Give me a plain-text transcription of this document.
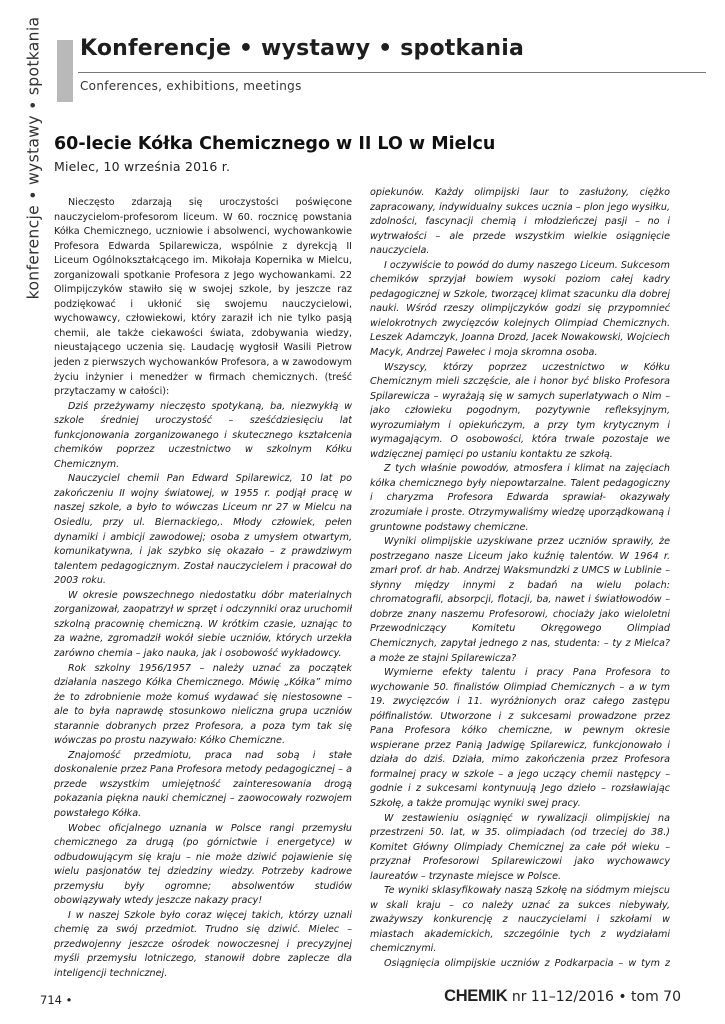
konferencje • wystawy • spotkania Konferencje • wystawy • spotkania
Conferences, exhibitions, meetings
60-lecie Kółka Chemicznego w II LO w Mielcu
Mielec, 10 września 2016 r.

Nieczęsto zdarzają się uroczystości poświęcone nauczycielom-profesorom liceum. W 60. rocznicę powstania Kółka Chemicznego, uczniowie i absolwenci, wychowankowie Profesora Edwarda Spilarewicza, wspólnie z dyrekcją II Liceum Ogólnokształcącego im. Mikołaja Kopernika w Mielcu, zorganizowali spotkanie Profesora z Jego wychowankami. 22 Olimpijczyków stawiło się w swojej szkole, by jeszcze raz podziękować i ukłonić się swojemu nauczycielowi, wychowawcy, człowiekowi, który zaraził ich nie tylko pasją chemii, ale także ciekawości świata, zdobywania wiedzy, nieustającego uczenia się. Laudację wygłosił Wasili Pietrow jeden z pierwszych wychowanków Profesora, a w zawodowym życiu inżynier i menedżer w firmach chemicznych. (treść przytaczamy w całości):

Dziś przeżywamy nieczęsto spotykaną, ba, niezwykłą w szkole średniej uroczystość – sześćdziesięciu lat funkcjonowania zorganizowanego i skutecznego kształcenia chemików poprzez uczestnictwo w szkolnym Kółku Chemicznym.

Nauczyciel chemii Pan Edward Spilarewicz, 10 lat po zakończeniu II wojny światowej, w 1955 r. podjął pracę w naszej szkole, a było to wówczas Liceum nr 27 w Mielcu na Osiedlu, przy ul. Biernackiego,. Młody człowiek, pełen dynamiki i ambicji zawodowej; osoba z umysłem otwartym, komunikatywna, i jak szybko się okazało – z prawdziwym talentem pedagogicznym. Został nauczycielem i pracował do 2003 roku.

W okresie powszechnego niedostatku dóbr materialnych zorganizował, zaopatrzył w sprzęt i odczynniki oraz uruchomił szkolną pracownię chemiczną. W krótkim czasie, uznając to za ważne, zgromadził wokół siebie uczniów, których urzekła zarówno chemia – jako nauka, jak i osobowość wykładowcy.

Rok szkolny 1956/1957 – należy uznać za początek działania naszego Kółka Chemicznego. Mówię „Kółka” mimo że to zdrobnienie może komuś wydawać się niestosowne – ale to była naprawdę stosunkowo nieliczna grupa uczniów starannie dobranych przez Profesora, a poza tym tak się wówczas po prostu nazywało: Kółko Chemiczne.

Znajomość przedmiotu, praca nad sobą i stałe doskonalenie przez Pana Profesora metody pedagogicznej – a przede wszystkim umiejętność zainteresowania drogą pokazania piękna nauki chemicznej – zaowocowały rozwojem powstałego Kółka.

Wobec oficjalnego uznania w Polsce rangi przemysłu chemicznego za drugą (po górnictwie i energetyce) w odbudowującym się kraju – nie może dziwić pojawienie się wielu pasjonatów tej dziedziny wiedzy. Potrzeby kadrowe przemysłu były ogromne; absolwentów studiów obowiązywały wtedy jeszcze nakazy pracy!

I w naszej Szkole było coraz więcej takich, którzy uznali chemię za swój przedmiot. Trudno się dziwić. Mielec – przedwojenny jeszcze ośrodek nowoczesnej i precyzyjnej myśli przemysłu lotniczego, stanowił dobre zaplecze dla inteligencji technicznej.

opiekunów. Każdy olimpijski laur to zasłużony, ciężko zapracowany, indywidualny sukces ucznia – plon jego wysiłku, zdolności, fascynacji chemią i młodzieńczej pasji – no i wytrwałości – ale przede wszystkim wielkie osiągnięcie nauczyciela.

I oczywiście to powód do dumy naszego Liceum. Sukcesom chemików sprzyjał bowiem wysoki poziom całej kadry pedagogicznej w Szkole, tworzącej klimat szacunku dla dobrej nauki. Wśród rzeszy olimpijczyków godzi się przypomnieć wielokrotnych zwycięzców kolejnych Olimpiad Chemicznych. Leszek Adamczyk, Joanna Drozd, Jacek Nowakowski, Wojciech Macyk, Andrzej Pawełec i moja skromna osoba.

Wszyscy, którzy poprzez uczestnictwo w Kółku Chemicznym mieli szczęście, ale i honor być blisko Profesora Spilarewicza – wyrażają się w samych superlatywach o Nim – jako człowieku pogodnym, pozytywnie refleksyjnym, wyrozumiałym i opiekuńczym, a przy tym krytycznym i wymagającym. O osobowości, która trwale pozostaje we wdzięcznej pamięci po ustaniu kontaktu ze szkołą.

Z tych właśnie powodów, atmosfera i klimat na zajęciach kółka chemicznego były niepowtarzalne. Talent pedagogiczny i charyzma Profesora Edwarda sprawiał- okazywały zrozumiałe i proste. Otrzymywaliśmy wiedzę uporządkowaną i gruntowne podstawy chemiczne.

Wyniki olimpijskie uzyskiwane przez uczniów sprawiły, że postrzegano nasze Liceum jako kuźnię talentów. W 1964 r. zmarł prof. dr hab. Andrzej Waksmundzki z UMCS w Lublinie – słynny między innymi z badań na wielu polach: chromatografii, absorpcji, flotacji, ba, nawet i światłowodów – dobrze znany naszemu Profesorowi, chociaży jako wieloletni Przewodniczący Komitetu Okręgowego Olimpiad Chemicznych, zapytał jednego z nas, studenta: – ty z Mielca? a może ze stajni Spilarewicza?

Wymierne efekty talentu i pracy Pana Profesora to wychowanie 50. finalistów Olimpiad Chemicznych – a w tym 19. zwycięzców i 11. wyróżnionych oraz całego zastępu półfinalistów. Utworzone i z sukcesami prowadzone przez Pana Profesora kółko chemiczne, w pewnym okresie wspierane przez Panią Jadwigę Spilarewicz, funkcjonowało i działa do dziś. Działa, mimo zakończenia przez Profesora formalnej pracy w szkole – a jego uczący chemii następcy – godnie i z sukcesami kontynuują Jego dzieło – rozsławiając Szkołę, a także promując wyniki swej pracy.

W zestawieniu osiągnięć w rywalizacji olimpijskiej na przestrzeni 50. lat, w 35. olimpiadach (od trzeciej do 38.) Komitet Główny Olimpiady Chemicznej za całe pół wieku – przyznał Profesorowi Spilarewiczowi jako wychowawcy laureatów – trzynaste miejsce w Polsce.

Te wyniki sklasyfikowały naszą Szkołę na siódmym miejscu w skali kraju – co należy uznać za sukces niebywały, zważywszy konkurencję z nauczycielami i szkołami w miastach akademickich, szczególnie tych z wydziałami chemicznymi.

Osiągnięcia olimpijskie uczniów z Podkarpacia – w tym z

714 •	CHEMIK nr 11–12/2016 • tom 70
